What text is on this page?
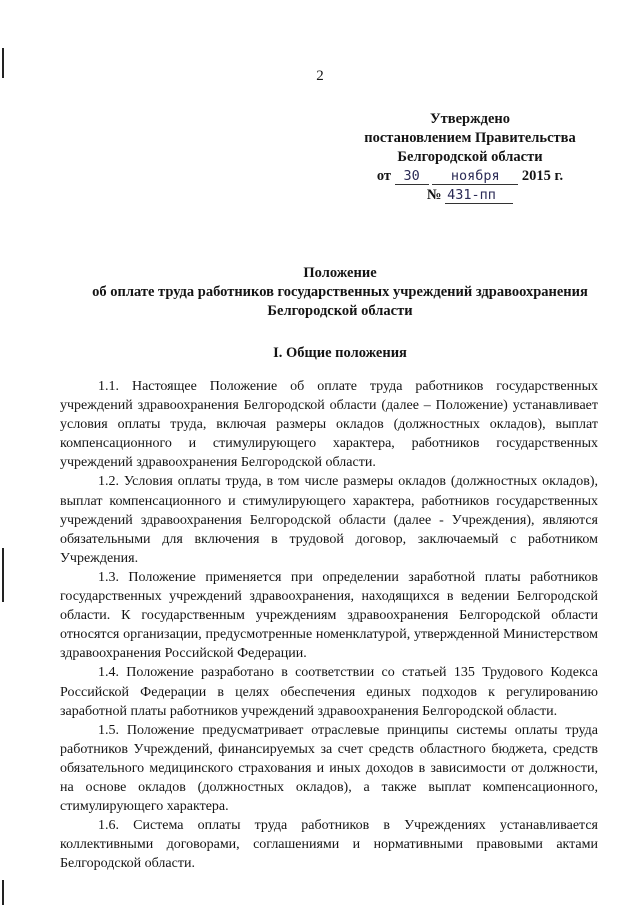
2
Утверждено
постановлением Правительства
Белгородской области
от 30 ноября 2015 г.
№ 431-пп
Положение
об оплате труда работников государственных учреждений здравоохранения
Белгородской области
I. Общие положения

1.1. Настоящее Положение об оплате труда работников государственных учреждений здравоохранения Белгородской области (далее – Положение) устанавливает условия оплаты труда, включая размеры окладов (должностных окладов), выплат компенсационного и стимулирующего характера, работников государственных учреждений здравоохранения Белгородской области.

1.2. Условия оплаты труда, в том числе размеры окладов (должностных окладов), выплат компенсационного и стимулирующего характера, работников государственных учреждений здравоохранения Белгородской области (далее - Учреждения), являются обязательными для включения в трудовой договор, заключаемый с работником Учреждения.

1.3. Положение применяется при определении заработной платы работников государственных учреждений здравоохранения, находящихся в ведении Белгородской области. К государственным учреждениям здравоохранения Белгородской области относятся организации, предусмотренные номенклатурой, утвержденной Министерством здравоохранения Российской Федерации.

1.4. Положение разработано в соответствии со статьей 135 Трудового Кодекса Российской Федерации в целях обеспечения единых подходов к регулированию заработной платы работников учреждений здравоохранения Белгородской области.

1.5. Положение предусматривает отраслевые принципы системы оплаты труда работников Учреждений, финансируемых за счет средств областного бюджета, средств обязательного медицинского страхования и иных доходов в зависимости от должности, на основе окладов (должностных окладов), а также выплат компенсационного, стимулирующего характера.

1.6. Система оплаты труда работников в Учреждениях устанавливается коллективными договорами, соглашениями и нормативными правовыми актами Белгородской области.
